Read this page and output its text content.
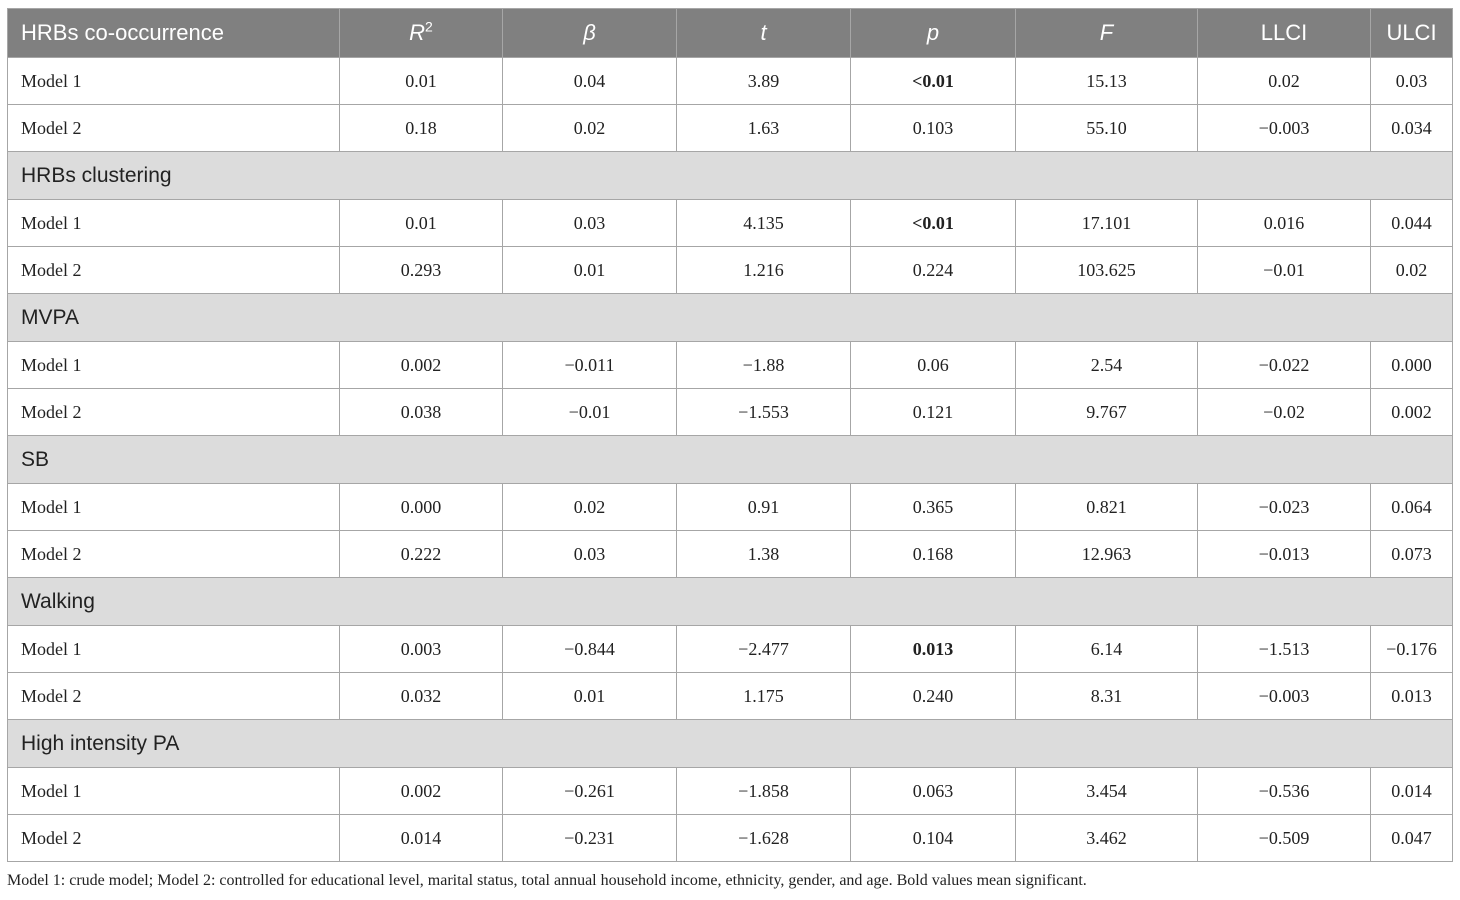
HRBs co-occurrence	$R^2$	β	t	p	F	LLCI	ULCI
Model 1	0.01	0.04	3.89	<0.01	15.13	0.02	0.03
Model 2	0.18	0.02	1.63	0.103	55.10	−0.003	0.034
HRBs clustering							
Model 1	0.01	0.03	4.135	<0.01	17.101	0.016	0.044
Model 2	0.293	0.01	1.216	0.224	103.625	−0.01	0.02
MVPA							
Model 1	0.002	−0.011	−1.88	0.06	2.54	−0.022	0.000
Model 2	0.038	−0.01	−1.553	0.121	9.767	−0.02	0.002
SB							
Model 1	0.000	0.02	0.91	0.365	0.821	−0.023	0.064
Model 2	0.222	0.03	1.38	0.168	12.963	−0.013	0.073
Walking							
Model 1	0.003	−0.844	−2.477	0.013	6.14	−1.513	−0.176
Model 2	0.032	0.01	1.175	0.240	8.31	−0.003	0.013
High intensity PA							
Model 1	0.002	−0.261	−1.858	0.063	3.454	−0.536	0.014
Model 2	0.014	−0.231	−1.628	0.104	3.462	−0.509	0.047
Model 1: crude model; Model 2: controlled for educational level, marital status, total annual household income, ethnicity, gender, and age. Bold values mean significant.
